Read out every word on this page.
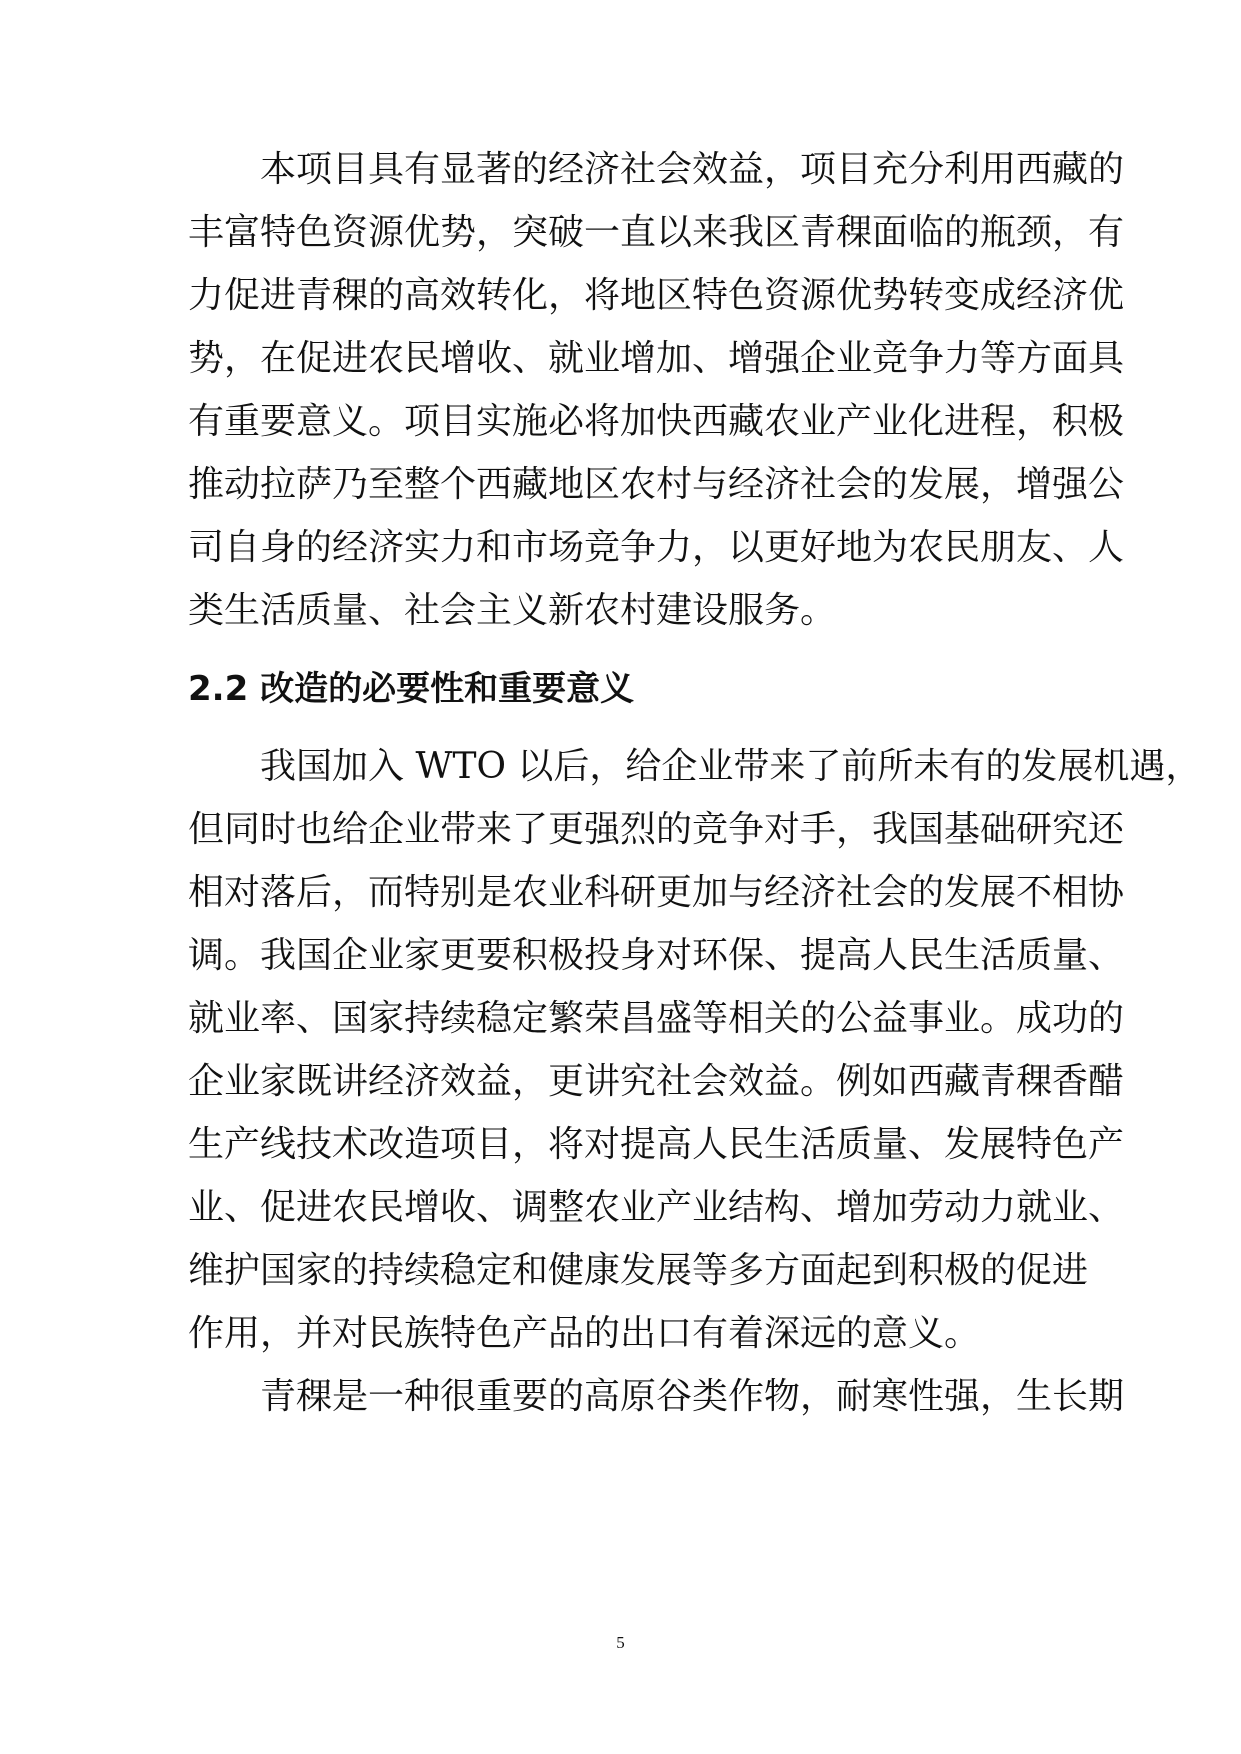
本项目具有显著的经济社会效益，项目充分利用西藏的
丰富特色资源优势，突破一直以来我区青稞面临的瓶颈，有
力促进青稞的高效转化，将地区特色资源优势转变成经济优
势，在促进农民增收、就业增加、增强企业竞争力等方面具
有重要意义。项目实施必将加快西藏农业产业化进程，积极
推动拉萨乃至整个西藏地区农村与经济社会的发展，增强公
司自身的经济实力和市场竞争力，以更好地为农民朋友、人
类生活质量、社会主义新农村建设服务。
2.2 改造的必要性和重要意义
我国加入 WTO 以后，给企业带来了前所未有的发展机遇，
但同时也给企业带来了更强烈的竞争对手，我国基础研究还
相对落后，而特别是农业科研更加与经济社会的发展不相协
调。我国企业家更要积极投身对环保、提高人民生活质量、
就业率、国家持续稳定繁荣昌盛等相关的公益事业。成功的
企业家既讲经济效益，更讲究社会效益。例如西藏青稞香醋
生产线技术改造项目，将对提高人民生活质量、发展特色产
业、促进农民增收、调整农业产业结构、增加劳动力就业、
维护国家的持续稳定和健康发展等多方面起到积极的促进
作用，并对民族特色产品的出口有着深远的意义。
青稞是一种很重要的高原谷类作物，耐寒性强，生长期
5
